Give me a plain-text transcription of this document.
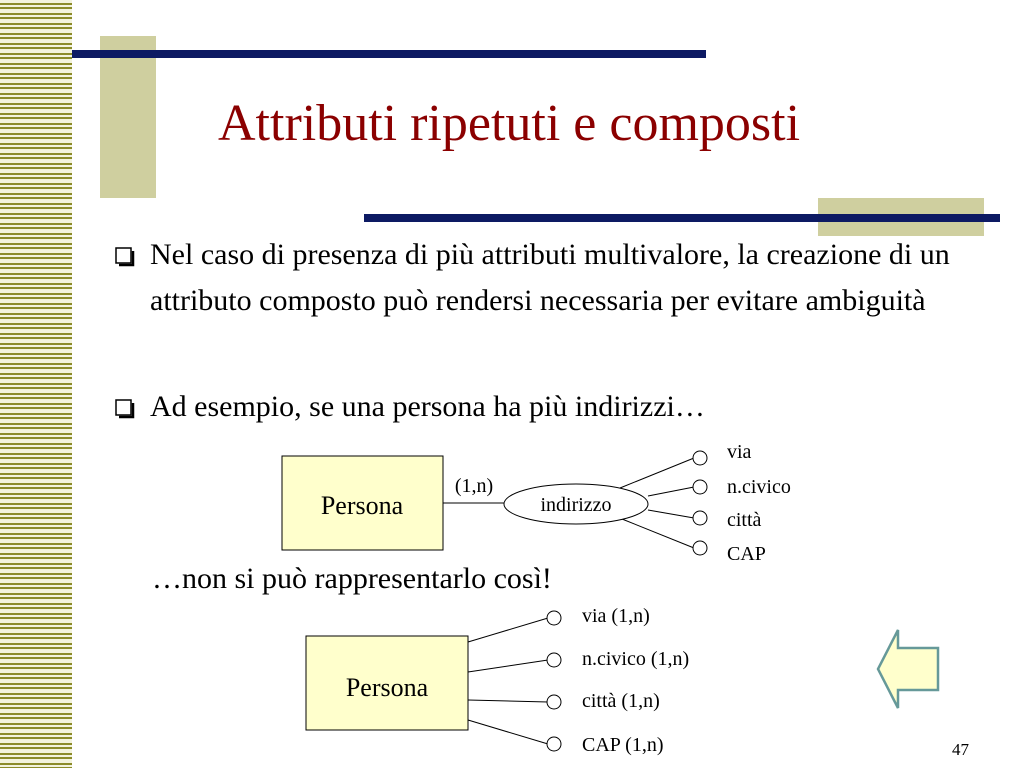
Attributi ripetuti e composti
Nel caso di presenza di più attributi multivalore, la creazione di un attributo composto può rendersi necessaria per evitare ambiguità
Ad esempio, se una persona ha più indirizzi…
…non si può rappresentarlo così!
Persona
(1,n)
indirizzo
via
n.civico
città
CAP
Persona
via (1,n)
n.civico (1,n)
città (1,n)
CAP (1,n)	47
